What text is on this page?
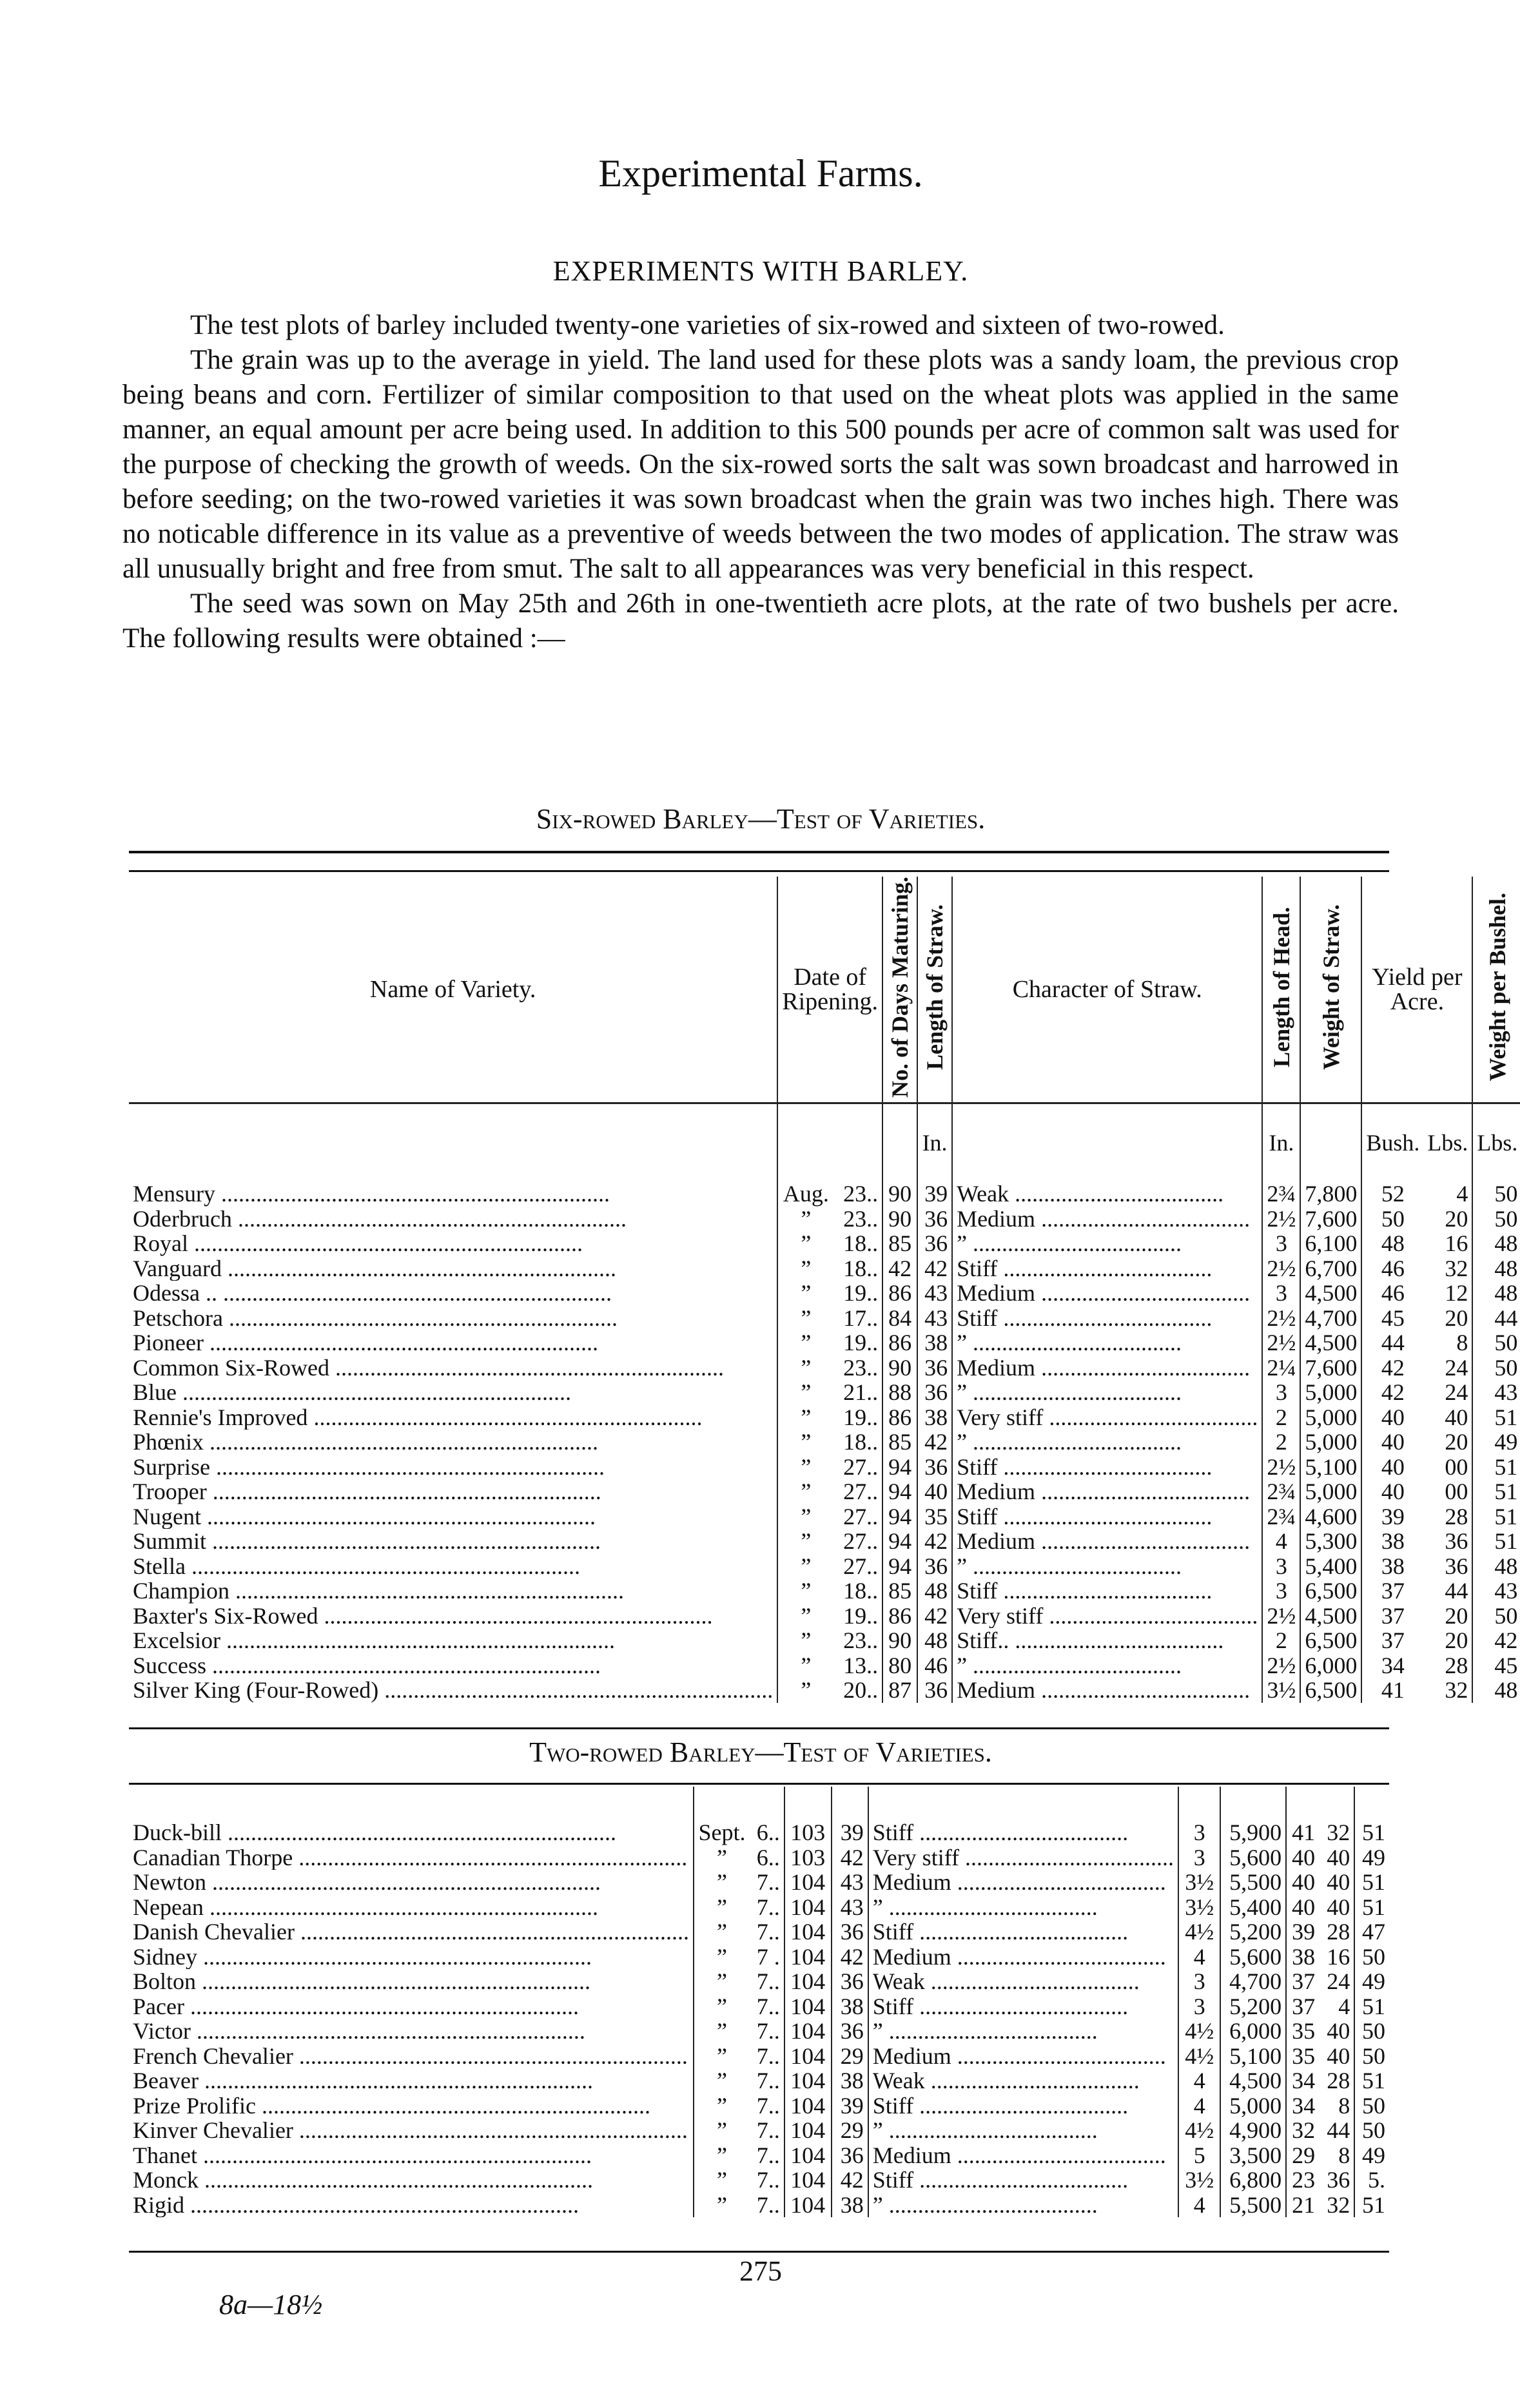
Experimental Farms.
EXPERIMENTS WITH BARLEY.

The test plots of barley included twenty-one varieties of six-rowed and sixteen of two-rowed.

The grain was up to the average in yield. The land used for these plots was a sandy loam, the previous crop being beans and corn. Fertilizer of similar composition to that used on the wheat plots was applied in the same manner, an equal amount per acre being used. In addition to this 500 pounds per acre of common salt was used for the purpose of checking the growth of weeds. On the six-rowed sorts the salt was sown broadcast and harrowed in before seeding; on the two-rowed varieties it was sown broadcast when the grain was two inches high. There was no noticable difference in its value as a preventive of weeds between the two modes of application. The straw was all unusually bright and free from smut. The salt to all appearances was very beneficial in this respect.

The seed was sown on May 25th and 26th in one-twentieth acre plots, at the rate of two bushels per acre. The following results were obtained :—

Six-rowed Barley—Test of Varieties.
Name of Variety.	Date of Ripening.		No. of Days Maturing.	Length of Straw.	Character of Straw.	Length of Head.	Weight of Straw.	Yield per Acre.		Weight per Bushel.
				In.		In.		Bush.	Lbs.	Lbs.

Mensury .....	Aug.	23..	90	39	Weak .....	2¾	7,800	52	4	50

Oderbruch .....	”	23..	90	36	Medium .....	2½	7,600	50	20	50

Royal .....	”	18..	85	36	” .....	3	6,100	48	16	48

Vanguard .....	”	18..	42	42	Stiff .....	2½	6,700	46	32	48

Odessa .. .....	”	19..	86	43	Medium .....	3	4,500	46	12	48

Petschora .....	”	17..	84	43	Stiff .....	2½	4,700	45	20	44

Pioneer .....	”	19..	86	38	” .....	2½	4,500	44	8	50

Common Six-Rowed .....	”	23..	90	36	Medium .....	2¼	7,600	42	24	50

Blue .....	”	21..	88	36	” .....	3	5,000	42	24	43

Rennie's Improved .....	”	19..	86	38	Very stiff .....	2	5,000	40	40	51

Phœnix .....	”	18..	85	42	” .....	2	5,000	40	20	49

Surprise .....	”	27..	94	36	Stiff .....	2½	5,100	40	00	51

Trooper .....	”	27..	94	40	Medium .....	2¾	5,000	40	00	51

Nugent .....	”	27..	94	35	Stiff .....	2¾	4,600	39	28	51

Summit .....	”	27..	94	42	Medium .....	4	5,300	38	36	51

Stella .....	”	27..	94	36	” .....	3	5,400	38	36	48

Champion .....	”	18..	85	48	Stiff .....	3	6,500	37	44	43

Baxter's Six-Rowed .....	”	19..	86	42	Very stiff .....	2½	4,500	37	20	50

Excelsior .....	”	23..	90	48	Stiff.. .....	2	6,500	37	20	42

Success .....	”	13..	80	46	” .....	2½	6,000	34	28	45

Silver King (Four-Rowed) .....	”	20..	87	36	Medium .....	3½	6,500	41	32	48
Two-rowed Barley—Test of Varieties.

Duck-bill .....	Sept.	6..	103	39	Stiff .....	3	5,900	41	32	51

Canadian Thorpe .....	”	6..	103	42	Very stiff .....	3	5,600	40	40	49

Newton .....	”	7..	104	43	Medium .....	3½	5,500	40	40	51

Nepean .....	”	7..	104	43	” .....	3½	5,400	40	40	51

Danish Chevalier .....	”	7..	104	36	Stiff .....	4½	5,200	39	28	47

Sidney .....	”	7 .	104	42	Medium .....	4	5,600	38	16	50

Bolton .....	”	7..	104	36	Weak .....	3	4,700	37	24	49

Pacer .....	”	7..	104	38	Stiff .....	3	5,200	37	4	51

Victor .....	”	7..	104	36	” .....	4½	6,000	35	40	50

French Chevalier .....	”	7..	104	29	Medium .....	4½	5,100	35	40	50

Beaver .....	”	7..	104	38	Weak .....	4	4,500	34	28	51

Prize Prolific .....	”	7..	104	39	Stiff .....	4	5,000	34	8	50

Kinver Chevalier .....	”	7..	104	29	” .....	4½	4,900	32	44	50

Thanet .....	”	7..	104	36	Medium .....	5	3,500	29	8	49

Monck .....	”	7..	104	42	Stiff .....	3½	6,800	23	36	5.

Rigid .....	”	7..	104	38	” .....	4	5,500	21	32	51
275
8a—18½
